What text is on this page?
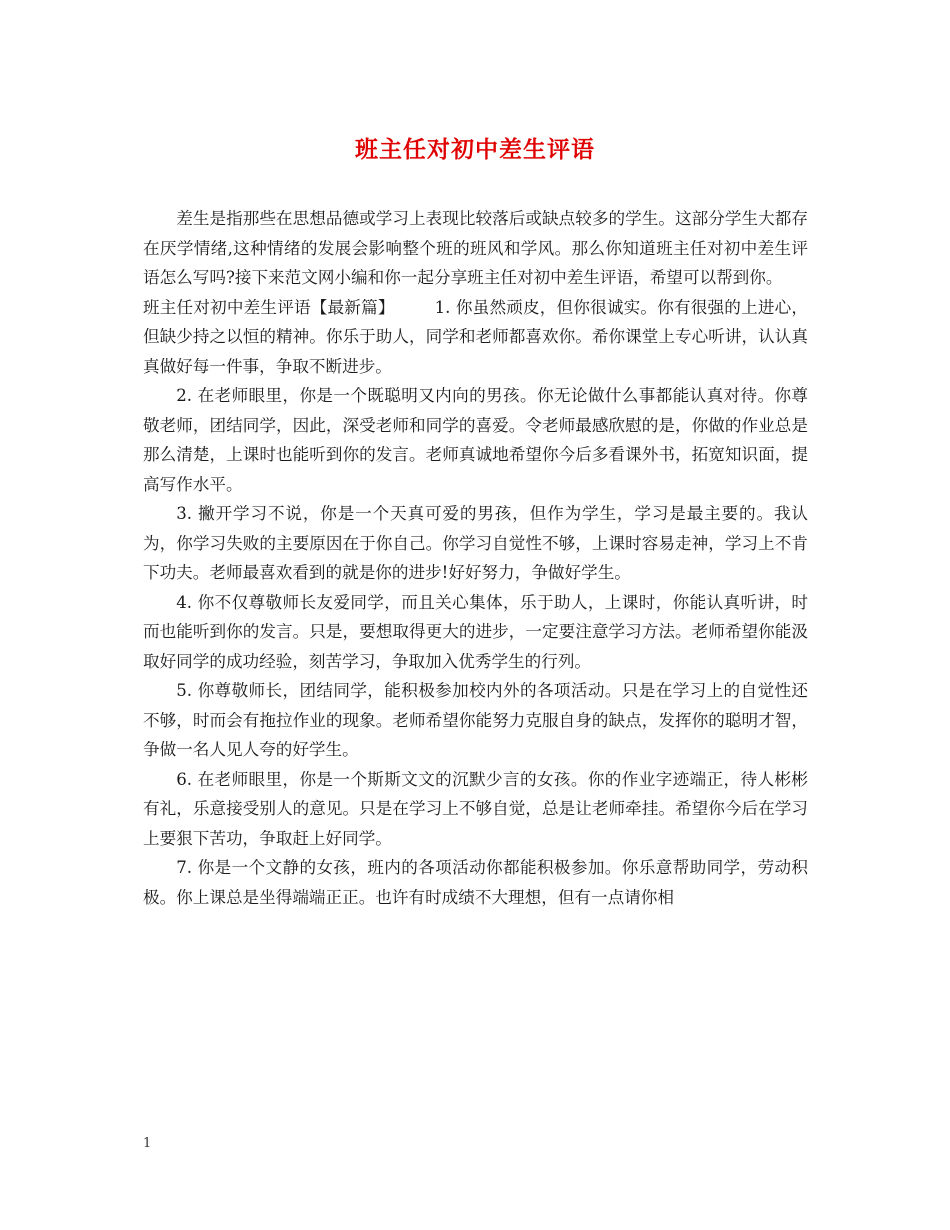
班主任对初中差生评语

差生是指那些在思想品德或学习上表现比较落后或缺点较多的学生。这部分学生大都存在厌学情绪,这种情绪的发展会影响整个班的班风和学风。那么你知道班主任对初中差生评语怎么写吗?接下来范文网小编和你一起分享班主任对初中差生评语，希望可以帮到你。

班主任对初中差生评语【最新篇】 1. 你虽然顽皮，但你很诚实。你有很强的上进心，但缺少持之以恒的精神。你乐于助人，同学和老师都喜欢你。希你课堂上专心听讲，认认真真做好每一件事，争取不断进步。

2. 在老师眼里，你是一个既聪明又内向的男孩。你无论做什么事都能认真对待。你尊敬老师，团结同学，因此，深受老师和同学的喜爱。令老师最感欣慰的是，你做的作业总是那么清楚，上课时也能听到你的发言。老师真诚地希望你今后多看课外书，拓宽知识面，提高写作水平。

3. 撇开学习不说，你是一个天真可爱的男孩，但作为学生，学习是最主要的。我认为，你学习失败的主要原因在于你自己。你学习自觉性不够，上课时容易走神，学习上不肯下功夫。老师最喜欢看到的就是你的进步!好好努力，争做好学生。

4. 你不仅尊敬师长友爱同学，而且关心集体，乐于助人，上课时，你能认真听讲，时而也能听到你的发言。只是，要想取得更大的进步，一定要注意学习方法。老师希望你能汲取好同学的成功经验，刻苦学习，争取加入优秀学生的行列。

5. 你尊敬师长，团结同学，能积极参加校内外的各项活动。只是在学习上的自觉性还不够，时而会有拖拉作业的现象。老师希望你能努力克服自身的缺点，发挥你的聪明才智，争做一名人见人夸的好学生。

6. 在老师眼里，你是一个斯斯文文的沉默少言的女孩。你的作业字迹端正，待人彬彬有礼，乐意接受别人的意见。只是在学习上不够自觉，总是让老师牵挂。希望你今后在学习上要狠下苦功，争取赶上好同学。

7. 你是一个文静的女孩，班内的各项活动你都能积极参加。你乐意帮助同学，劳动积极。你上课总是坐得端端正正。也许有时成绩不大理想，但有一点请你相

1
